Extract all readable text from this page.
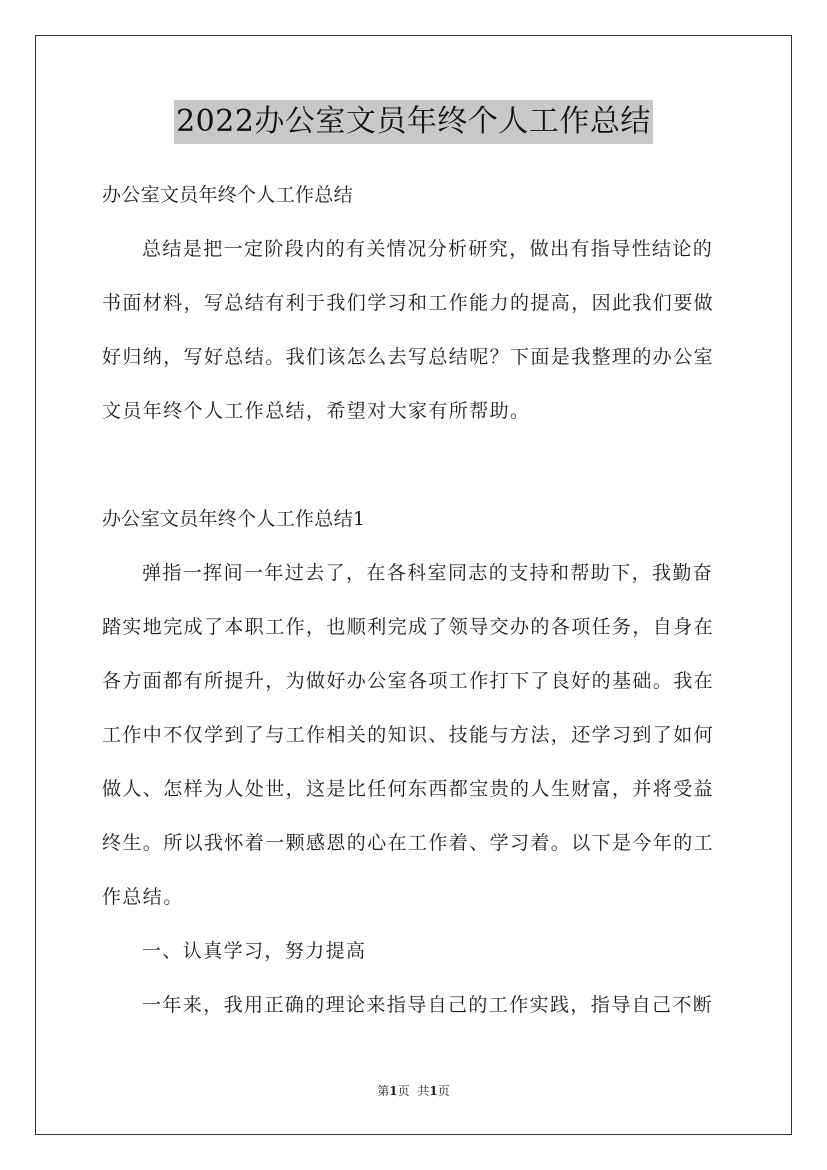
2022办公室文员年终个人工作总结
办公室文员年终个人工作总结
总结是把一定阶段内的有关情况分析研究，做出有指导性结论的
书面材料，写总结有利于我们学习和工作能力的提高，因此我们要做
好归纳，写好总结。我们该怎么去写总结呢？下面是我整理的办公室
文员年终个人工作总结，希望对大家有所帮助。
办公室文员年终个人工作总结1
弹指一挥间一年过去了，在各科室同志的支持和帮助下，我勤奋
踏实地完成了本职工作，也顺利完成了领导交办的各项任务，自身在
各方面都有所提升，为做好办公室各项工作打下了良好的基础。我在
工作中不仅学到了与工作相关的知识、技能与方法，还学习到了如何
做人、怎样为人处世，这是比任何东西都宝贵的人生财富，并将受益
终生。所以我怀着一颗感恩的心在工作着、学习着。以下是今年的工
作总结。
一、认真学习，努力提高
一年来，我用正确的理论来指导自己的工作实践，指导自己不断
第1页 共1页
